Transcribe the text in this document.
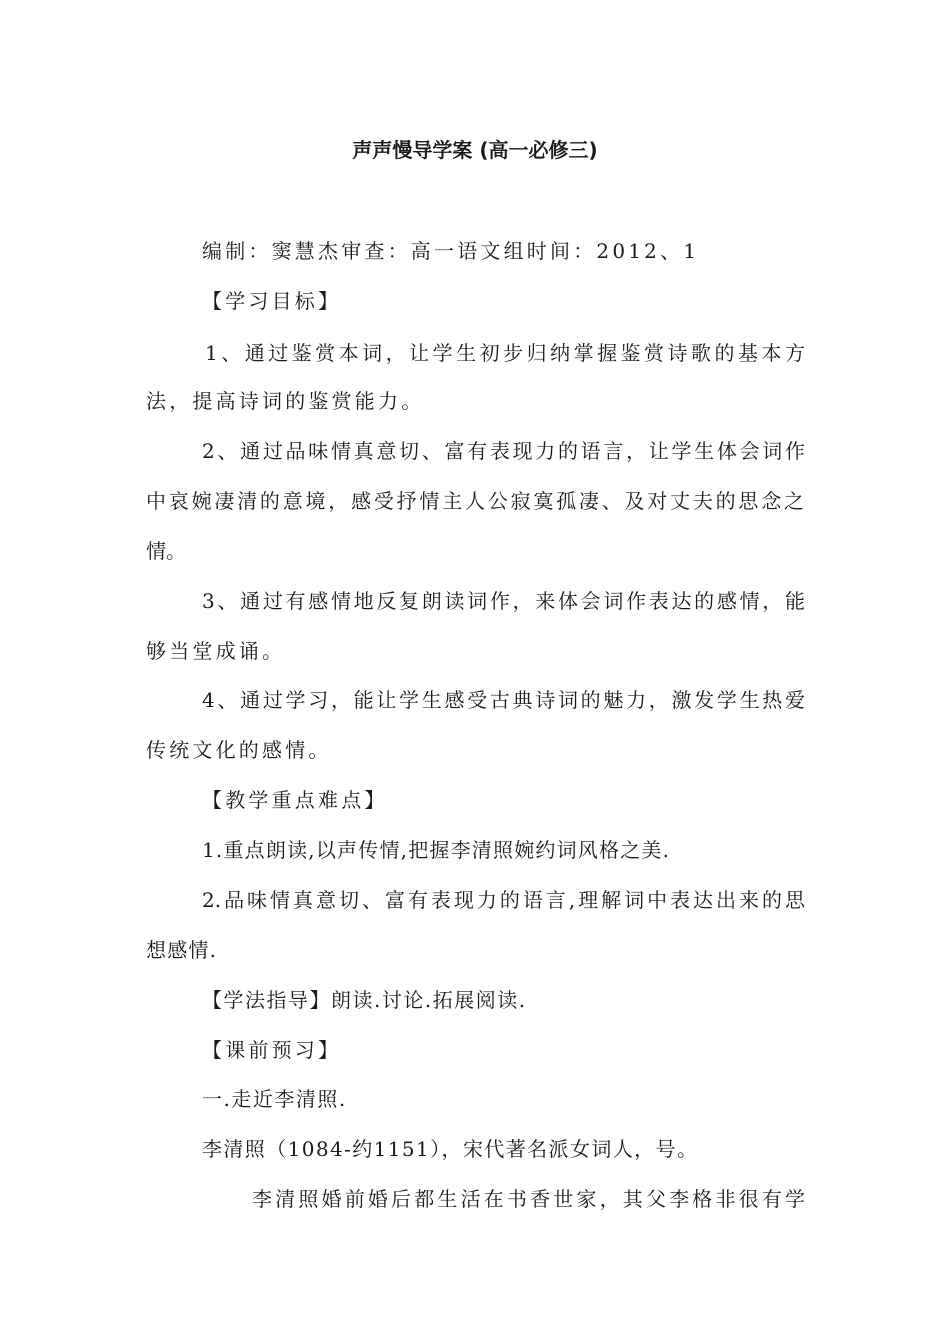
声声慢导学案 (高一必修三)
编制：窦慧杰审查：高一语文组时间：2012、1
【学习目标】
1、通过鉴赏本词，让学生初步归纳掌握鉴赏诗歌的基本方
法，提高诗词的鉴赏能力。
2、通过品味情真意切、富有表现力的语言，让学生体会词作
中哀婉凄清的意境，感受抒情主人公寂寞孤凄、及对丈夫的思念之
情。
3、通过有感情地反复朗读词作，来体会词作表达的感情，能
够当堂成诵。
4、通过学习，能让学生感受古典诗词的魅力，激发学生热爱
传统文化的感情。
【教学重点难点】
1.重点朗读,以声传情,把握李清照婉约词风格之美.
2.品味情真意切、富有表现力的语言,理解词中表达出来的思
想感情.
【学法指导】朗读.讨论.拓展阅读.
【课前预习】
一.走近李清照.
李清照（1084-约1151），宋代著名派女词人，号。
李清照婚前婚后都生活在书香世家，其父李格非很有学
